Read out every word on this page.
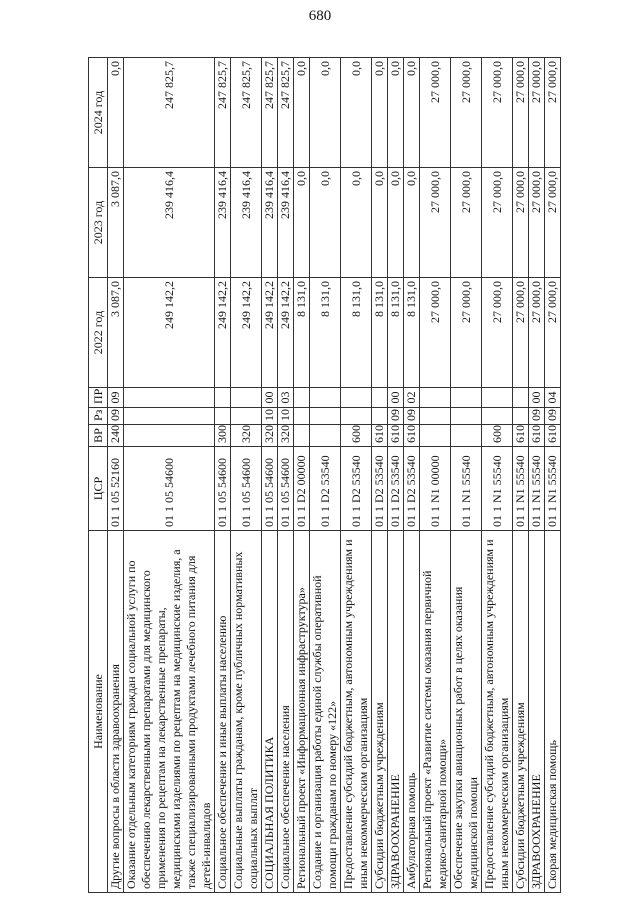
680
Наименование	ЦСР	ВР	Рз	ПР	2022 год	2023 год	2024 год
Другие вопросы в области здравоохранения	01 1 05 52160	240	09	09	3 087,0	3 087,0	0,0
Оказание отдельным категориям граждан социальной услуги по обеспечению лекарственными препаратами для медицинского применения по рецептам на лекарственные препараты, медицинскими изделиями по рецептам на медицинские изделия, а также специализированными продуктами лечебного питания для детей-инвалидов	01 1 05 54600				249 142,2	239 416,4	247 825,7
Социальное обеспечение и иные выплаты населению	01 1 05 54600	300			249 142,2	239 416,4	247 825,7
Социальные выплаты гражданам, кроме публичных нормативных социальных выплат	01 1 05 54600	320			249 142,2	239 416,4	247 825,7
СОЦИАЛЬНАЯ ПОЛИТИКА	01 1 05 54600	320	10	00	249 142,2	239 416,4	247 825,7
Социальное обеспечение населения	01 1 05 54600	320	10	03	249 142,2	239 416,4	247 825,7
Региональный проект «Информационная инфраструктура»	01 1 D2 00000				8 131,0	0,0	0,0
Создание и организация работы единой службы оперативной помощи гражданам по номеру «122»	01 1 D2 53540				8 131,0	0,0	0,0
Предоставление субсидий бюджетным, автономным учреждениям и иным некоммерческим организациям	01 1 D2 53540	600			8 131,0	0,0	0,0
Субсидии бюджетным учреждениям	01 1 D2 53540	610			8 131,0	0,0	0,0
ЗДРАВООХРАНЕНИЕ	01 1 D2 53540	610	09	00	8 131,0	0,0	0,0
Амбулаторная помощь	01 1 D2 53540	610	09	02	8 131,0	0,0	0,0
Региональный проект «Развитие системы оказания первичной медико-санитарной помощи»	01 1 N1 00000				27 000,0	27 000,0	27 000,0
Обеспечение закупки авиационных работ в целях оказания медицинской помощи	01 1 N1 55540				27 000,0	27 000,0	27 000,0
Предоставление субсидий бюджетным, автономным учреждениям и иным некоммерческим организациям	01 1 N1 55540	600			27 000,0	27 000,0	27 000,0
Субсидии бюджетным учреждениям	01 1 N1 55540	610			27 000,0	27 000,0	27 000,0
ЗДРАВООХРАНЕНИЕ	01 1 N1 55540	610	09	00	27 000,0	27 000,0	27 000,0
Скорая медицинская помощь	01 1 N1 55540	610	09	04	27 000,0	27 000,0	27 000,0
